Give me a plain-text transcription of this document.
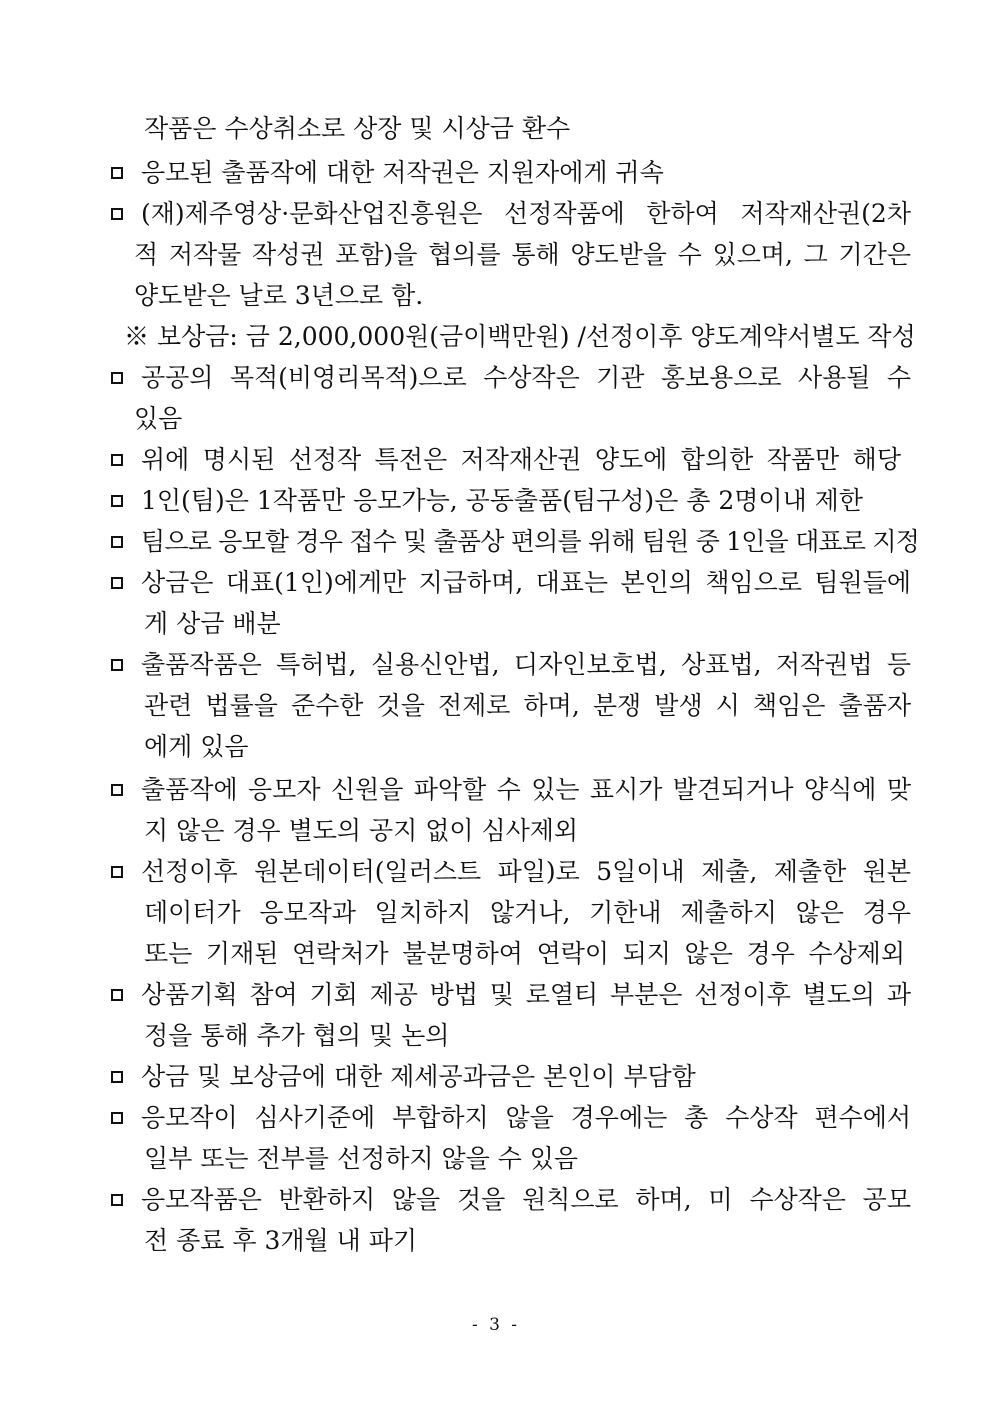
작품은 수상취소로 상장 및 시상금 환수
응모된 출품작에 대한 저작권은 지원자에게 귀속
(재)제주영상·문화산업진흥원은 선정작품에 한하여 저작재산권(2차
적 저작물 작성권 포함)을 협의를 통해 양도받을 수 있으며, 그 기간은
양도받은 날로 3년으로 함.
※ 보상금: 금 2,000,000원(금이백만원) /선정이후 양도계약서별도 작성
공공의 목적(비영리목적)으로 수상작은 기관 홍보용으로 사용될 수
있음
위에 명시된 선정작 특전은 저작재산권 양도에 합의한 작품만 해당
1인(팀)은 1작품만 응모가능, 공동출품(팀구성)은 총 2명이내 제한
팀으로 응모할 경우 접수 및 출품상 편의를 위해 팀원 중 1인을 대표로 지정
상금은 대표(1인)에게만 지급하며, 대표는 본인의 책임으로 팀원들에
게 상금 배분
출품작품은 특허법, 실용신안법, 디자인보호법, 상표법, 저작권법 등
관련 법률을 준수한 것을 전제로 하며, 분쟁 발생 시 책임은 출품자
에게 있음
출품작에 응모자 신원을 파악할 수 있는 표시가 발견되거나 양식에 맞
지 않은 경우 별도의 공지 없이 심사제외
선정이후 원본데이터(일러스트 파일)로 5일이내 제출, 제출한 원본
데이터가 응모작과 일치하지 않거나, 기한내 제출하지 않은 경우
또는 기재된 연락처가 불분명하여 연락이 되지 않은 경우 수상제외
상품기획 참여 기회 제공 방법 및 로열티 부분은 선정이후 별도의 과
정을 통해 추가 협의 및 논의
상금 및 보상금에 대한 제세공과금은 본인이 부담함
응모작이 심사기준에 부합하지 않을 경우에는 총 수상작 편수에서
일부 또는 전부를 선정하지 않을 수 있음
응모작품은 반환하지 않을 것을 원칙으로 하며, 미 수상작은 공모
전 종료 후 3개월 내 파기
- 3 -
